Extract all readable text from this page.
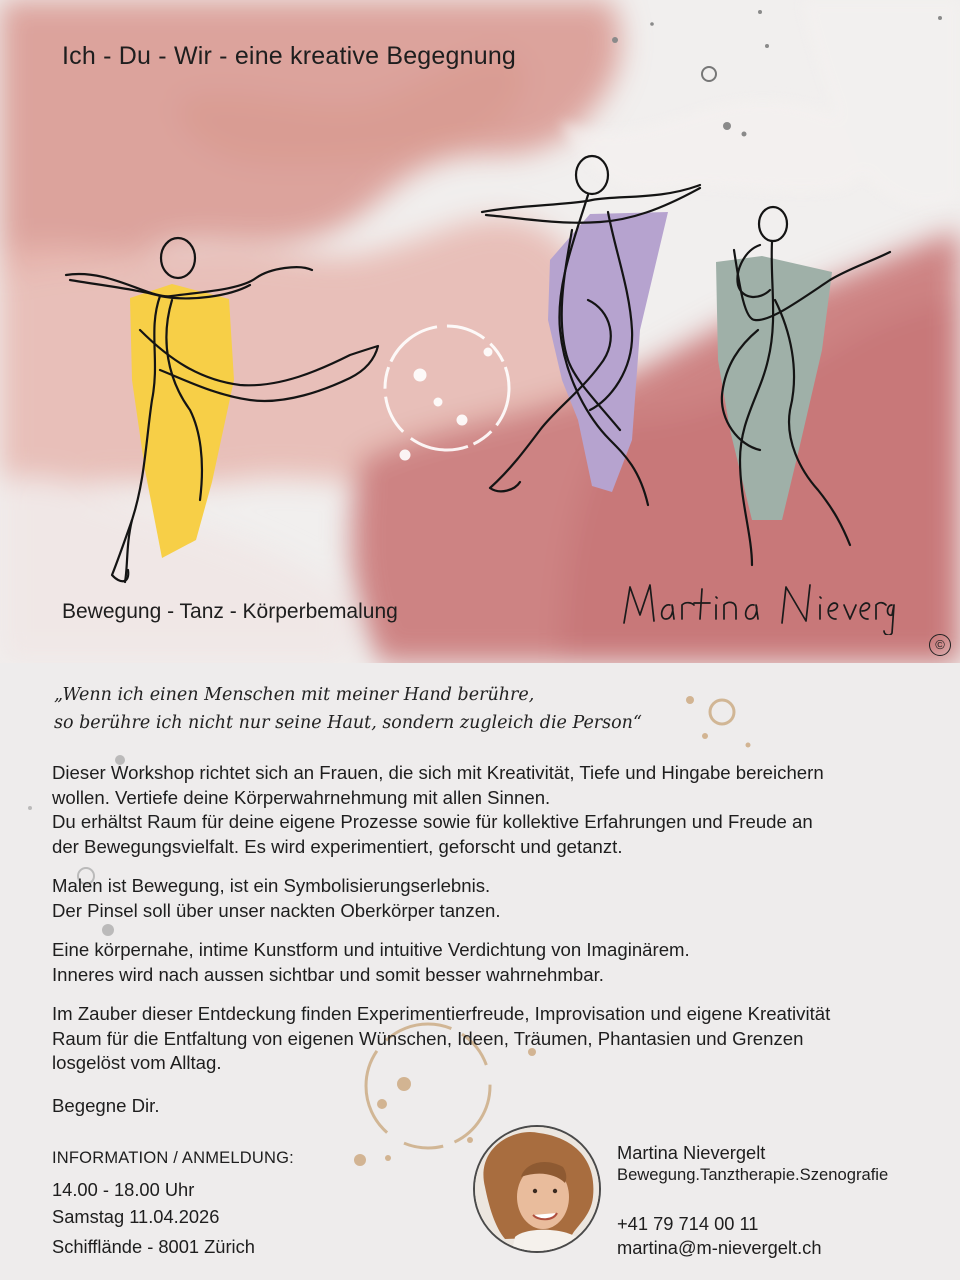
Ich - Du - Wir - eine kreative Begegnung
Bewegung - Tanz - Körperbemalung
©
„Wenn ich einen Menschen mit meiner Hand berühre,
so berühre ich nicht nur seine Haut, sondern zugleich die Person“
Dieser Workshop richtet sich an Frauen, die sich mit Kreativität, Tiefe und Hingabe bereichern
wollen. Vertiefe deine Körperwahrnehmung mit allen Sinnen.
Du erhältst Raum für deine eigene Prozesse sowie für kollektive Erfahrungen und Freude an
der Bewegungsvielfalt. Es wird experimentiert, geforscht und getanzt.
Malen ist Bewegung, ist ein Symbolisierungserlebnis.
Der Pinsel soll über unser nackten Oberkörper tanzen.
Eine körpernahe, intime Kunstform und intuitive Verdichtung von Imaginärem.
Inneres wird nach aussen sichtbar und somit besser wahrnehmbar.
Im Zauber dieser Entdeckung finden Experimentierfreude, Improvisation und eigene Kreativität
Raum für die Entfaltung von eigenen Wünschen, Ideen, Träumen, Phantasien und Grenzen
losgelöst vom Alltag.
Begegne Dir.
INFORMATION / ANMELDUNG:
14.00 - 18.00 Uhr
Samstag 11.04.2026
Schifflände - 8001 Zürich
Martina Nievergelt
Bewegung.Tanztherapie.Szenografie
+41 79 714 00 11
martina@m-nievergelt.ch
